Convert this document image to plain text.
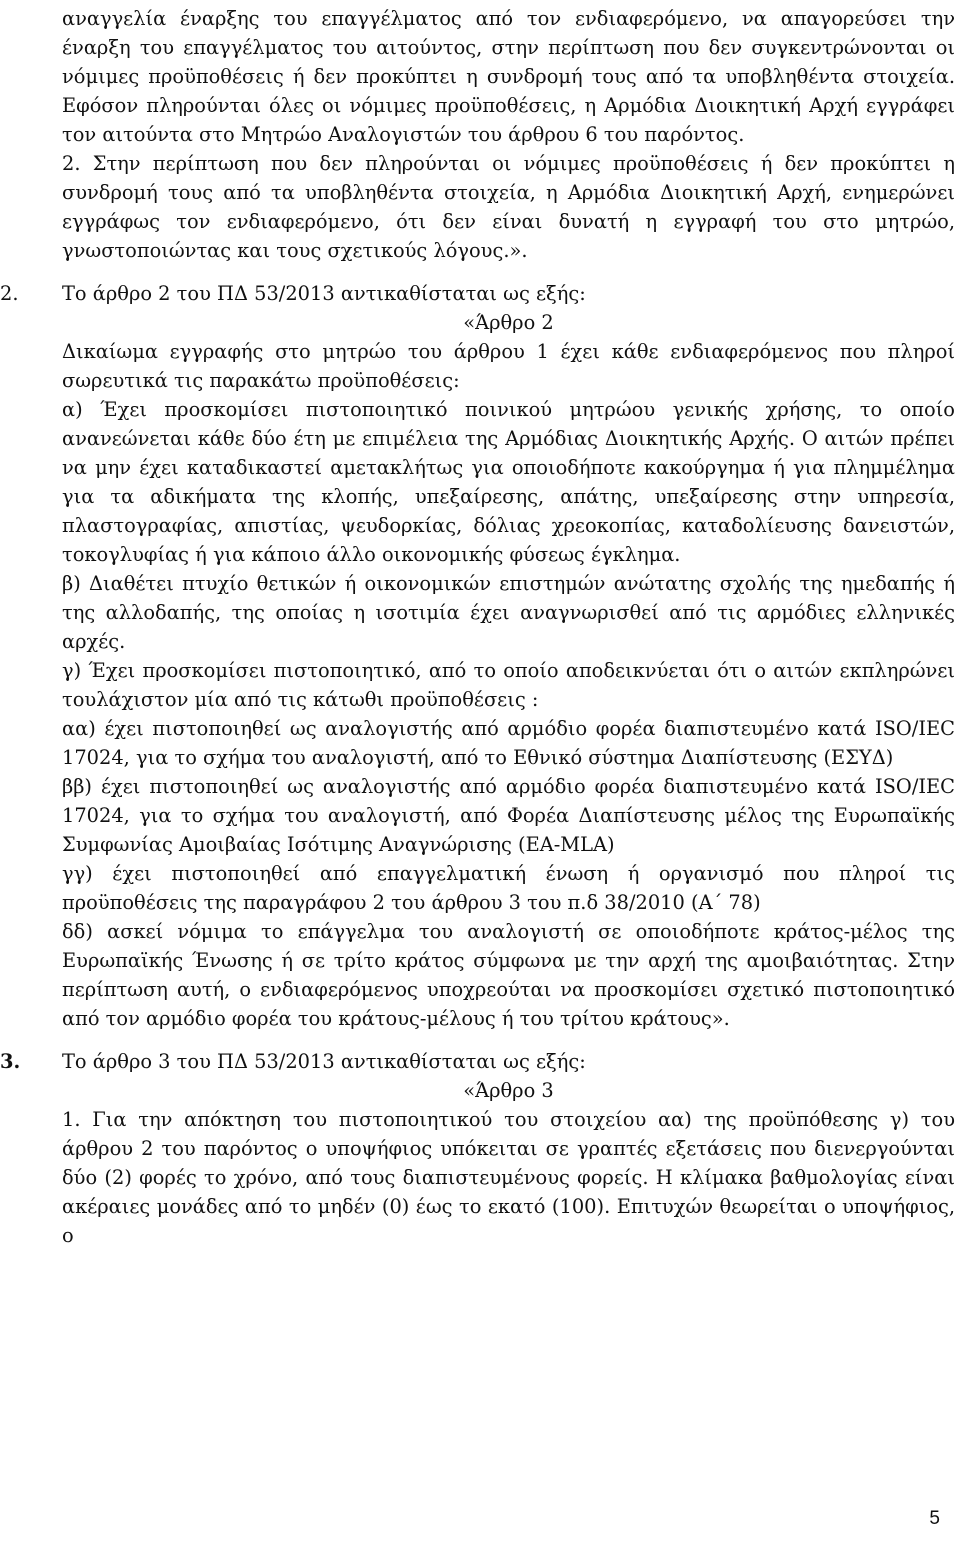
αναγγελία έναρξης του επαγγέλματος από τον ενδιαφερόμενο, να απαγορεύσει την έναρξη του επαγγέλματος του αιτούντος, στην περίπτωση που δεν συγκεντρώνονται οι νόμιμες προϋποθέσεις ή δεν προκύπτει η συνδρομή τους από τα υποβληθέντα στοιχεία. Εφόσον πληρούνται όλες οι νόμιμες προϋποθέσεις, η Αρμόδια Διοικητική Αρχή εγγράφει τον αιτούντα στο Μητρώο Αναλογιστών του άρθρου 6 του παρόντος.

2. Στην περίπτωση που δεν πληρούνται οι νόμιμες προϋποθέσεις ή δεν προκύπτει η συνδρομή τους από τα υποβληθέντα στοιχεία, η Αρμόδια Διοικητική Αρχή, ενημερώνει εγγράφως τον ενδιαφερόμενο, ότι δεν είναι δυνατή η εγγραφή του στο μητρώο, γνωστοποιώντας και τους σχετικούς λόγους.».

2. Το άρθρο 2 του ΠΔ 53/2013 αντικαθίσταται ως εξής:

«Άρθρο 2

Δικαίωμα εγγραφής στο μητρώο του άρθρου 1 έχει κάθε ενδιαφερόμενος που πληροί σωρευτικά τις παρακάτω προϋποθέσεις:

α) Έχει προσκομίσει πιστοποιητικό ποινικού μητρώου γενικής χρήσης, το οποίο ανανεώνεται κάθε δύο έτη με επιμέλεια της Αρμόδιας Διοικητικής Αρχής. Ο αιτών πρέπει να μην έχει καταδικαστεί αμετακλήτως για οποιοδήποτε κακούργημα ή για πλημμέλημα για τα αδικήματα της κλοπής, υπεξαίρεσης, απάτης, υπεξαίρεσης στην υπηρεσία, πλαστογραφίας, απιστίας, ψευδορκίας, δόλιας χρεοκοπίας, καταδολίευσης δανειστών, τοκογλυφίας ή για κάποιο άλλο οικονομικής φύσεως έγκλημα.

β) Διαθέτει πτυχίο θετικών ή οικονομικών επιστημών ανώτατης σχολής της ημεδαπής ή της αλλοδαπής, της οποίας η ισοτιμία έχει αναγνωρισθεί από τις αρμόδιες ελληνικές αρχές.

γ) Έχει προσκομίσει πιστοποιητικό, από το οποίο αποδεικνύεται ότι ο αιτών εκπληρώνει τουλάχιστον μία από τις κάτωθι προϋποθέσεις :

αα) έχει πιστοποιηθεί ως αναλογιστής από αρμόδιο φορέα διαπιστευμένο κατά ISO/IEC 17024, για το σχήμα του αναλογιστή, από το Εθνικό σύστημα Διαπίστευσης (ΕΣΥΔ)

ββ) έχει πιστοποιηθεί ως αναλογιστής από αρμόδιο φορέα διαπιστευμένο κατά ISO/IEC 17024, για το σχήμα του αναλογιστή, από Φορέα Διαπίστευσης μέλος της Ευρωπαϊκής Συμφωνίας Αμοιβαίας Ισότιμης Αναγνώρισης (EA-MLA)

γγ) έχει πιστοποιηθεί από επαγγελματική ένωση ή οργανισμό που πληροί τις προϋποθέσεις της παραγράφου 2 του άρθρου 3 του π.δ 38/2010 (Α΄ 78)

δδ) ασκεί νόμιμα το επάγγελμα του αναλογιστή σε οποιοδήποτε κράτος-μέλος της Ευρωπαϊκής Ένωσης ή σε τρίτο κράτος σύμφωνα με την αρχή της αμοιβαιότητας. Στην περίπτωση αυτή, ο ενδιαφερόμενος υποχρεούται να προσκομίσει σχετικό πιστοποιητικό από τον αρμόδιο φορέα του κράτους-μέλους ή του τρίτου κράτους».

3. Το άρθρο 3 του ΠΔ 53/2013 αντικαθίσταται ως εξής:

«Άρθρο 3

1. Για την απόκτηση του πιστοποιητικού του στοιχείου αα) της προϋπόθεσης γ) του άρθρου 2 του παρόντος ο υποψήφιος υπόκειται σε γραπτές εξετάσεις που διενεργούνται δύο (2) φορές το χρόνο, από τους διαπιστευμένους φορείς. Η κλίμακα βαθμολογίας είναι ακέραιες μονάδες από το μηδέν (0) έως το εκατό (100). Επιτυχών θεωρείται ο υποψήφιος, ο

5
